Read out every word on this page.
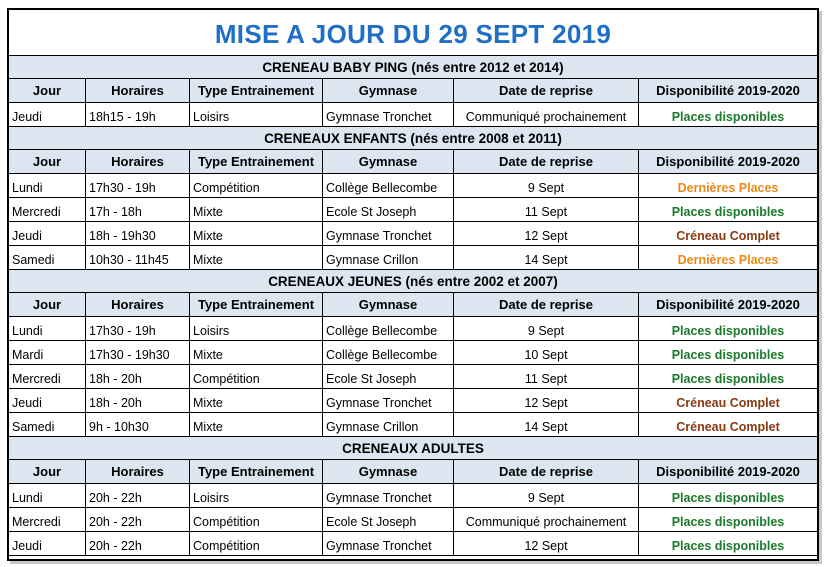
MISE A JOUR DU 29 SEPT 2019
CRENEAU BABY PING (nés entre 2012 et 2014)
Jour	Horaires	Type Entrainement	Gymnase	Date de reprise	Disponibilité 2019-2020
Jeudi	18h15 - 19h	Loisirs	Gymnase Tronchet	Communiqué prochainement	Places disponibles
CRENEAUX ENFANTS (nés entre 2008 et 2011)
Jour	Horaires	Type Entrainement	Gymnase	Date de reprise	Disponibilité 2019-2020
Lundi	17h30 - 19h	Compétition	Collège Bellecombe	9 Sept	Dernières Places
Mercredi	17h - 18h	Mixte	Ecole St Joseph	11 Sept	Places disponibles
Jeudi	18h - 19h30	Mixte	Gymnase Tronchet	12 Sept	Créneau Complet
Samedi	10h30 - 11h45	Mixte	Gymnase Crillon	14 Sept	Dernières Places
CRENEAUX JEUNES (nés entre 2002 et 2007)
Jour	Horaires	Type Entrainement	Gymnase	Date de reprise	Disponibilité 2019-2020
Lundi	17h30 - 19h	Loisirs	Collège Bellecombe	9 Sept	Places disponibles
Mardi	17h30 - 19h30	Mixte	Collège Bellecombe	10 Sept	Places disponibles
Mercredi	18h - 20h	Compétition	Ecole St Joseph	11 Sept	Places disponibles
Jeudi	18h - 20h	Mixte	Gymnase Tronchet	12 Sept	Créneau Complet
Samedi	9h - 10h30	Mixte	Gymnase Crillon	14 Sept	Créneau Complet
CRENEAUX ADULTES
Jour	Horaires	Type Entrainement	Gymnase	Date de reprise	Disponibilité 2019-2020
Lundi	20h - 22h	Loisirs	Gymnase Tronchet	9 Sept	Places disponibles
Mercredi	20h - 22h	Compétition	Ecole St Joseph	Communiqué prochainement	Places disponibles
Jeudi	20h - 22h	Compétition	Gymnase Tronchet	12 Sept	Places disponibles
